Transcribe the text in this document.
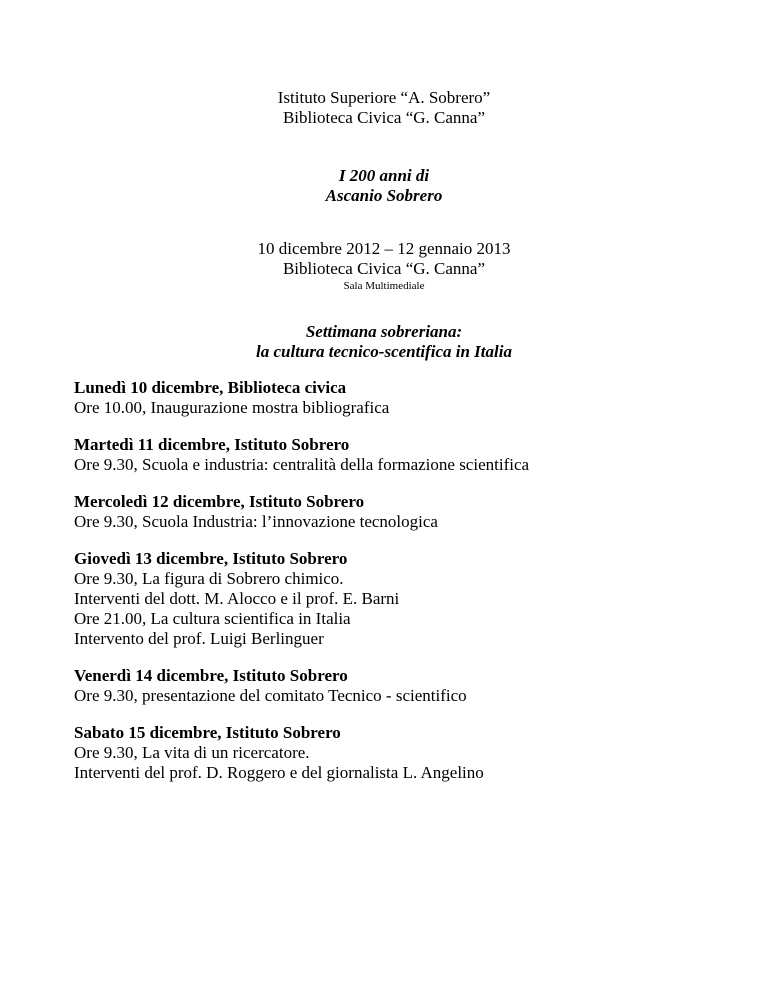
Istituto Superiore “A. Sobrero”
Biblioteca Civica “G. Canna”
I 200 anni di
Ascanio Sobrero
10 dicembre 2012 – 12 gennaio 2013
Biblioteca Civica “G. Canna”
Sala Multimediale
Settimana sobreriana:
la cultura tecnico-scentifica in Italia
Lunedì 10 dicembre, Biblioteca civica
Ore 10.00, Inaugurazione mostra bibliografica
Martedì 11 dicembre, Istituto Sobrero
Ore 9.30, Scuola e industria: centralità della formazione scientifica
Mercoledì 12 dicembre, Istituto Sobrero
Ore 9.30, Scuola Industria: l’innovazione tecnologica
Giovedì 13 dicembre, Istituto Sobrero
Ore 9.30, La figura di Sobrero chimico.
Interventi del dott. M. Alocco e il prof. E. Barni
Ore 21.00, La cultura scientifica in Italia
Intervento del prof. Luigi Berlinguer
Venerdì 14 dicembre, Istituto Sobrero
Ore 9.30, presentazione del comitato Tecnico - scientifico
Sabato 15 dicembre, Istituto Sobrero
Ore 9.30, La vita di un ricercatore.
Interventi del prof. D. Roggero e del giornalista L. Angelino
